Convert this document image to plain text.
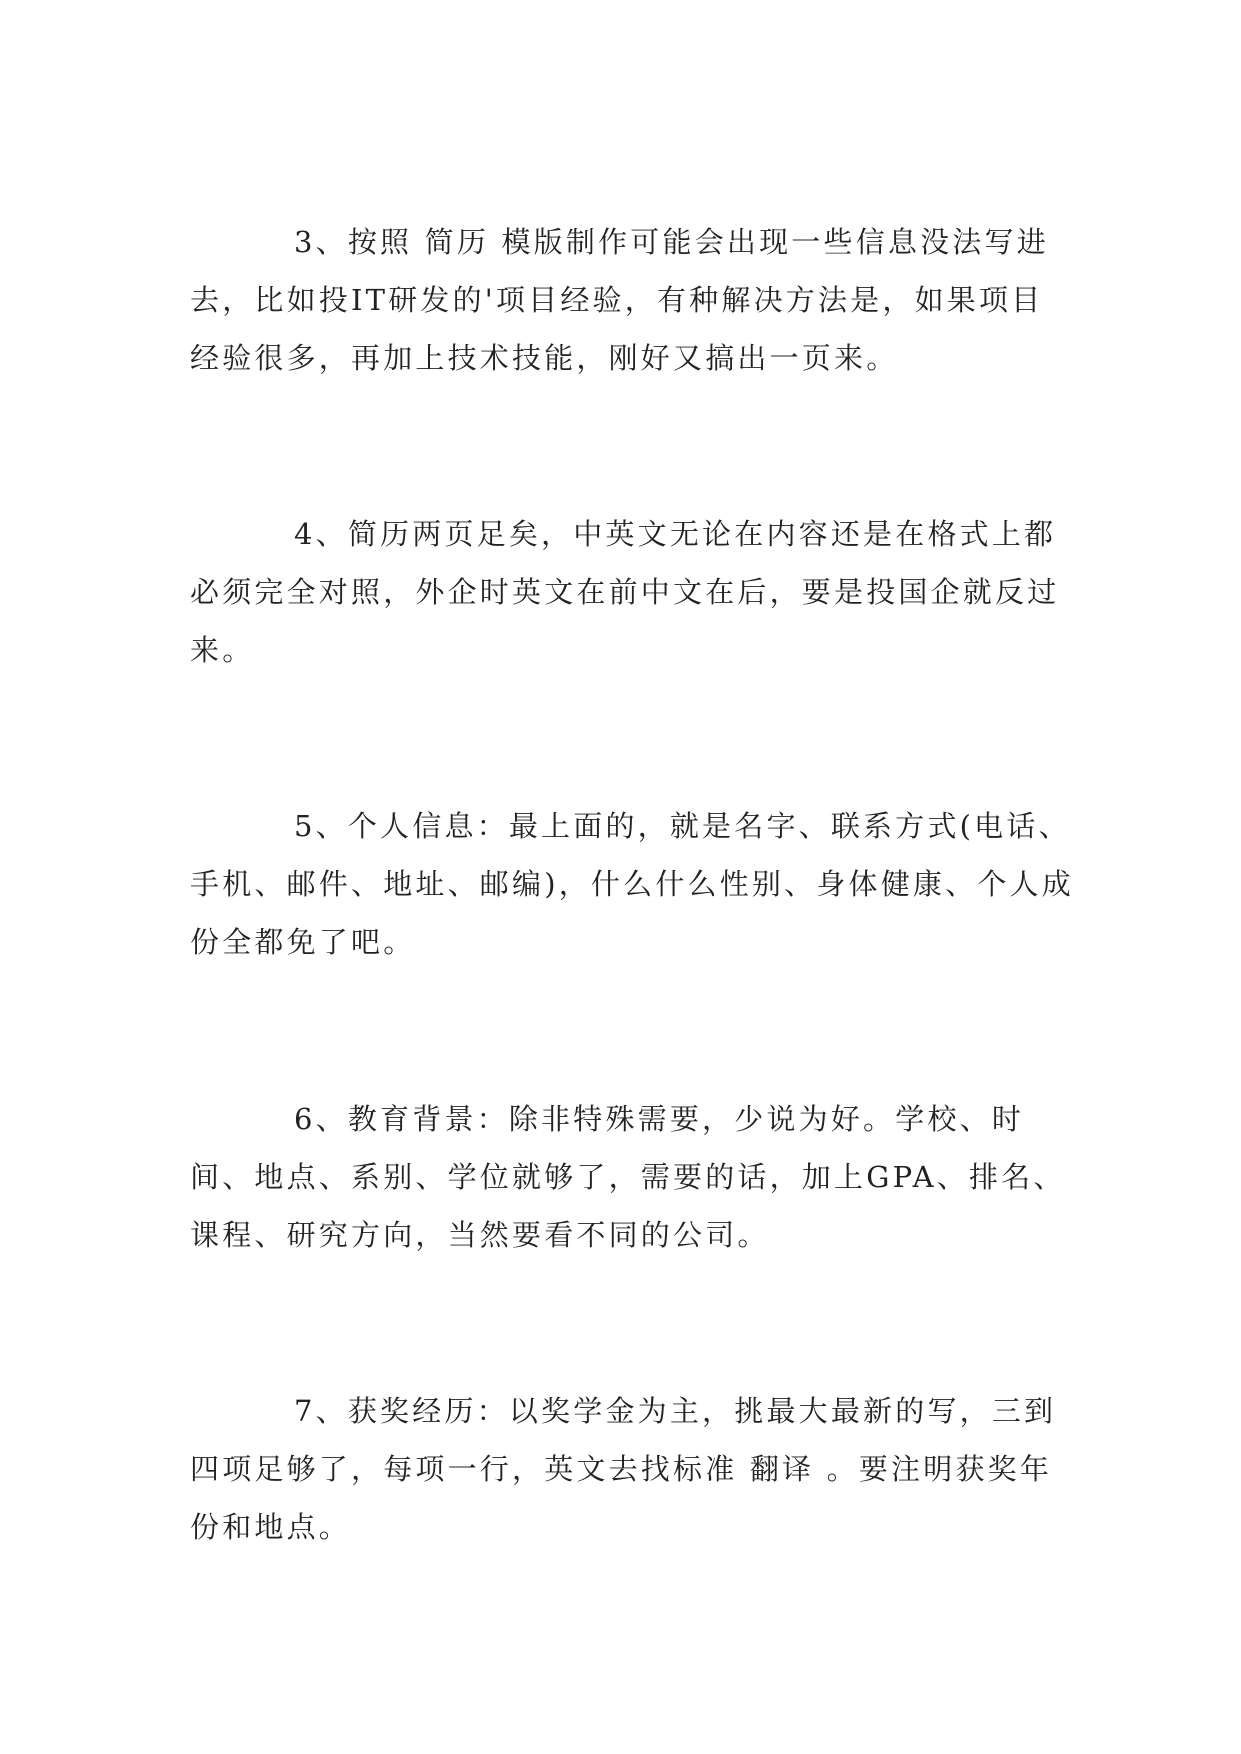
3、按照 简历 模版制作可能会出现一些信息没法写进去，比如投IT研发的'项目经验，有种解决方法是，如果项目经验很多，再加上技术技能，刚好又搞出一页来。

4、简历两页足矣，中英文无论在内容还是在格式上都必须完全对照，外企时英文在前中文在后，要是投国企就反过来。

5、个人信息：最上面的，就是名字、联系方式(电话、手机、邮件、地址、邮编)，什么什么性别、身体健康、个人成份全都免了吧。

6、教育背景：除非特殊需要，少说为好。学校、时间、地点、系别、学位就够了，需要的话，加上GPA、排名、课程、研究方向，当然要看不同的公司。

7、获奖经历：以奖学金为主，挑最大最新的写，三到四项足够了，每项一行，英文去找标准 翻译 。要注明获奖年份和地点。
